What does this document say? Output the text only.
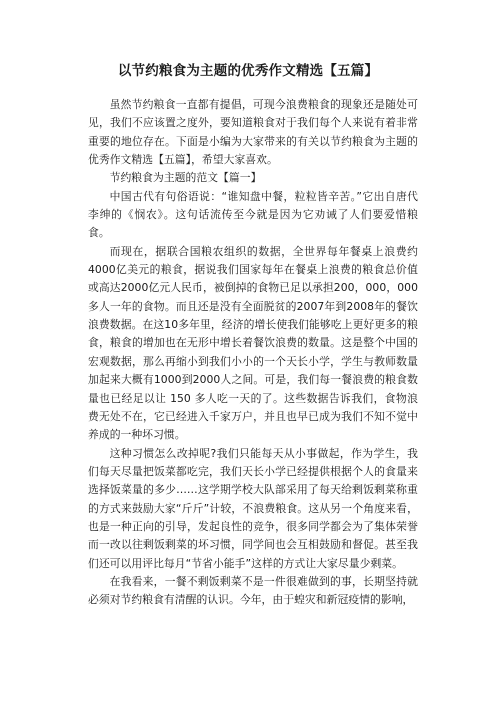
以节约粮食为主题的优秀作文精选【五篇】

虽然节约粮食一直都有提倡，可现今浪费粮食的现象还是随处可见，我们不应该置之度外，要知道粮食对于我们每个人来说有着非常重要的地位存在。下面是小编为大家带来的有关以节约粮食为主题的优秀作文精选【五篇】，希望大家喜欢。

节约粮食为主题的范文【篇一】

中国古代有句俗语说：“谁知盘中餐，粒粒皆辛苦。”它出自唐代李绅的《悯农》。这句话流传至今就是因为它劝诫了人们要爱惜粮食。

而现在，据联合国粮农组织的数据，全世界每年餐桌上浪费约4000亿美元的粮食，据说我们国家每年在餐桌上浪费的粮食总价值或高达2000亿元人民币，被倒掉的食物已足以承担200，000，000多人一年的食物。而且还是没有全面脱贫的2007年到2008年的餐饮浪费数据。在这10多年里，经济的增长使我们能够吃上更好更多的粮食，粮食的增加也在无形中增长着餐饮浪费的数量。这是整个中国的宏观数据，那么再缩小到我们小小的一个天长小学，学生与教师数量加起来大概有1000到2000人之间。可是，我们每一餐浪费的粮食数量也已经足以让 150 多人吃一天的了。这些数据告诉我们，食物浪费无处不在，它已经进入千家万户，并且也早已成为我们不知不觉中养成的一种坏习惯。

这种习惯怎么改掉呢?我们只能每天从小事做起，作为学生，我们每天尽量把饭菜都吃完，我们天长小学已经提供根据个人的食量来选择饭菜量的多少……这学期学校大队部采用了每天给剩饭剩菜称重的方式来鼓励大家“斤斤”计较，不浪费粮食。这从另一个角度来看，也是一种正向的引导，发起良性的竞争，很多同学都会为了集体荣誉而一改以往剩饭剩菜的坏习惯，同学间也会互相鼓励和督促。甚至我们还可以用评比每月“节省小能手”这样的方式让大家尽量少剩菜。

在我看来，一餐不剩饭剩菜不是一件很难做到的事，长期坚持就必须对节约粮食有清醒的认识。今年，由于蝗灾和新冠疫情的影响，
